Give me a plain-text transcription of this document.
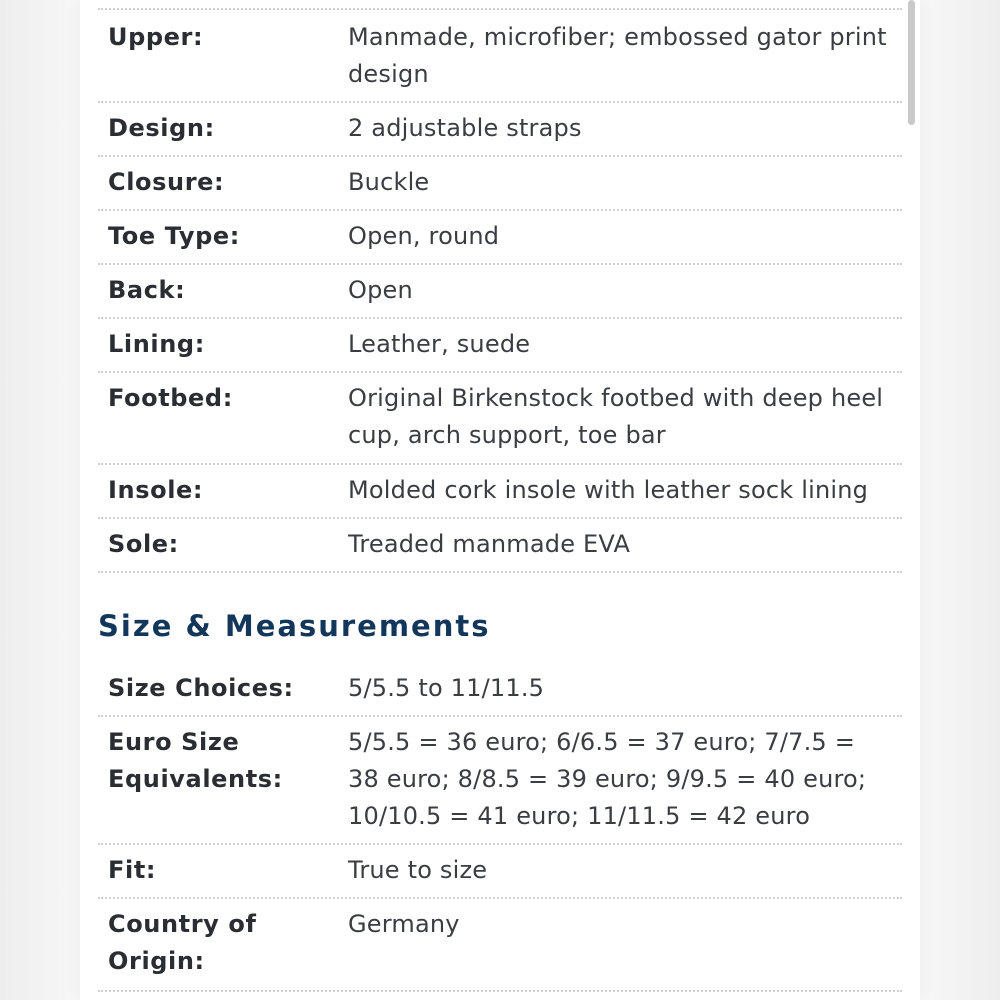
Upper:	Manmade, microfiber; embossed gator print design
Design:	2 adjustable straps
Closure:	Buckle
Toe Type:	Open, round
Back:	Open
Lining:	Leather, suede
Footbed:	Original Birkenstock footbed with deep heel cup, arch support, toe bar
Insole:	Molded cork insole with leather sock lining
Sole:	Treaded manmade EVA
Size & Measurements
Size Choices:	5/5.5 to 11/11.5
Euro Size Equivalents:
5/5.5 = 36 euro; 6/6.5 = 37 euro; 7/7.5 = 38 euro; 8/8.5 = 39 euro; 9/9.5 = 40 euro; 10/10.5 = 41 euro; 11/11.5 = 42 euro
Fit:	True to size
Country of Origin:
Germany
